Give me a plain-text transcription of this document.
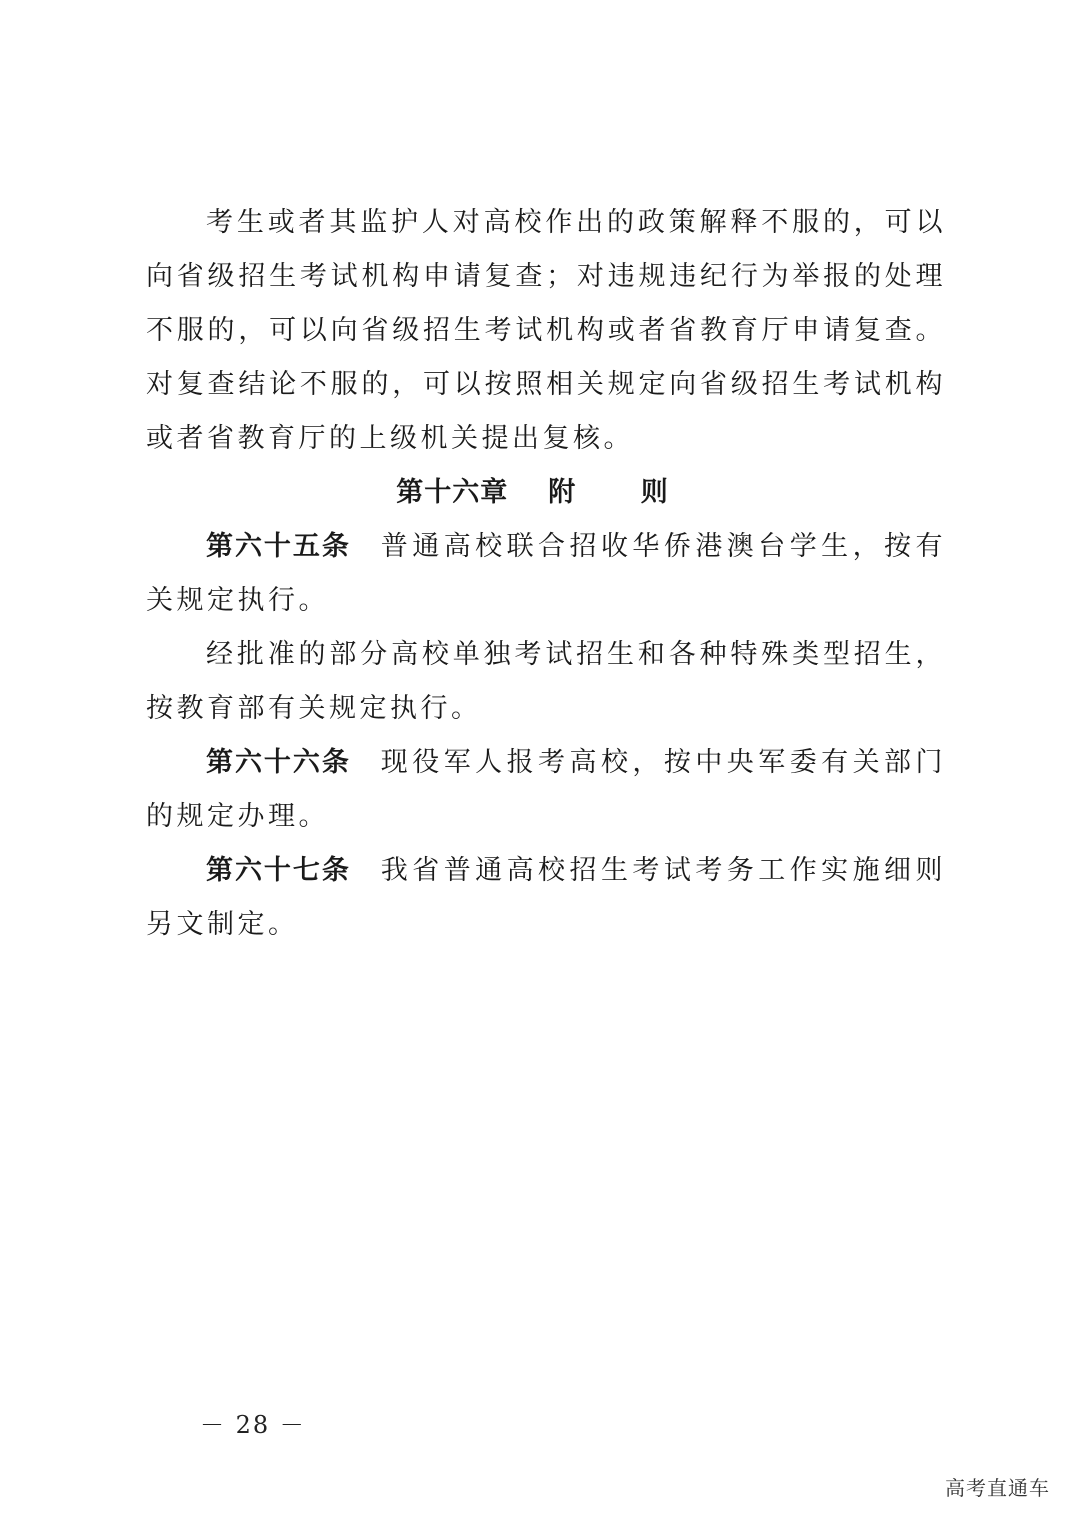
考生或者其监护人对高校作出的政策解释不服的，可以向省级招生考试机构申请复查；对违规违纪行为举报的处理不服的，可以向省级招生考试机构或者省教育厅申请复查。对复查结论不服的，可以按照相关规定向省级招生考试机构或者省教育厅的上级机关提出复核。

第十六章 附 则

第六十五条 普通高校联合招收华侨港澳台学生，按有关规定执行。

经批准的部分高校单独考试招生和各种特殊类型招生，按教育部有关规定执行。

第六十六条 现役军人报考高校，按中央军委有关部门的规定办理。

第六十七条 我省普通高校招生考试考务工作实施细则另文制定。

－ 28 －
高考直通车
